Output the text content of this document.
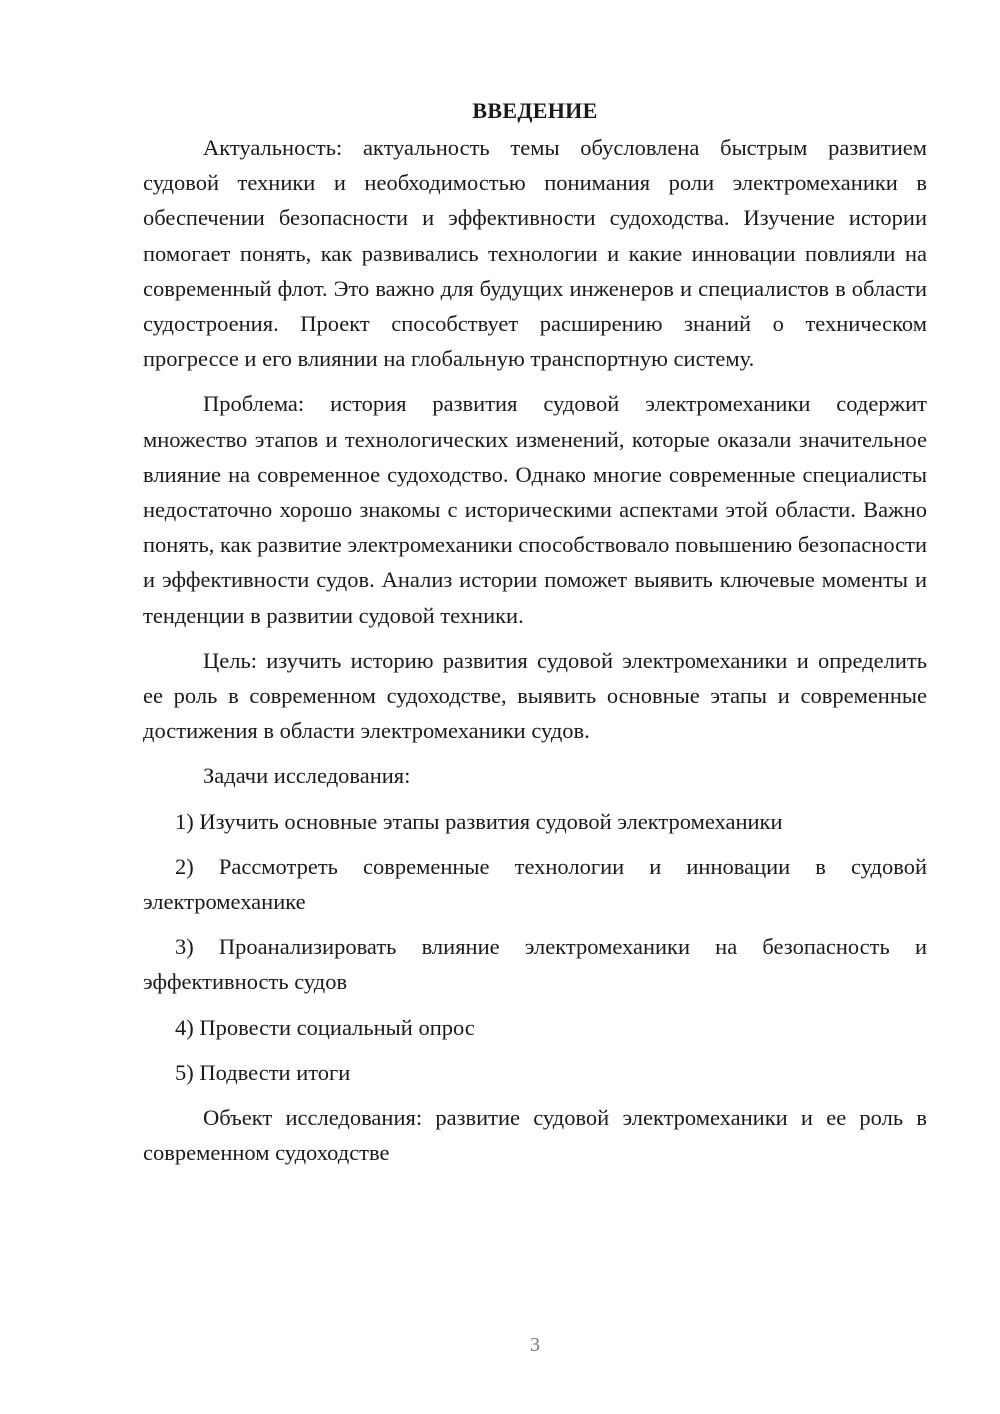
ВВЕДЕНИЕ

Актуальность: актуальность темы обусловлена быстрым развитием судовой техники и необходимостью понимания роли электромеханики в обеспечении безопасности и эффективности судоходства. Изучение истории помогает понять, как развивались технологии и какие инновации повлияли на современный флот. Это важно для будущих инженеров и специалистов в области судостроения. Проект способствует расширению знаний о техническом прогрессе и его влиянии на глобальную транспортную систему.

Проблема: история развития судовой электромеханики содержит множество этапов и технологических изменений, которые оказали значительное влияние на современное судоходство. Однако многие современные специалисты недостаточно хорошо знакомы с историческими аспектами этой области. Важно понять, как развитие электромеханики способствовало повышению безопасности и эффективности судов. Анализ истории поможет выявить ключевые моменты и тенденции в развитии судовой техники.

Цель: изучить историю развития судовой электромеханики и определить ее роль в современном судоходстве, выявить основные этапы и современные достижения в области электромеханики судов.

Задачи исследования:

1) Изучить основные этапы развития судовой электромеханики

2) Рассмотреть современные технологии и инновации в судовой электромеханике

3) Проанализировать влияние электромеханики на безопасность и эффективность судов

4) Провести социальный опрос

5) Подвести итоги

Объект исследования: развитие судовой электромеханики и ее роль в современном судоходстве

3
